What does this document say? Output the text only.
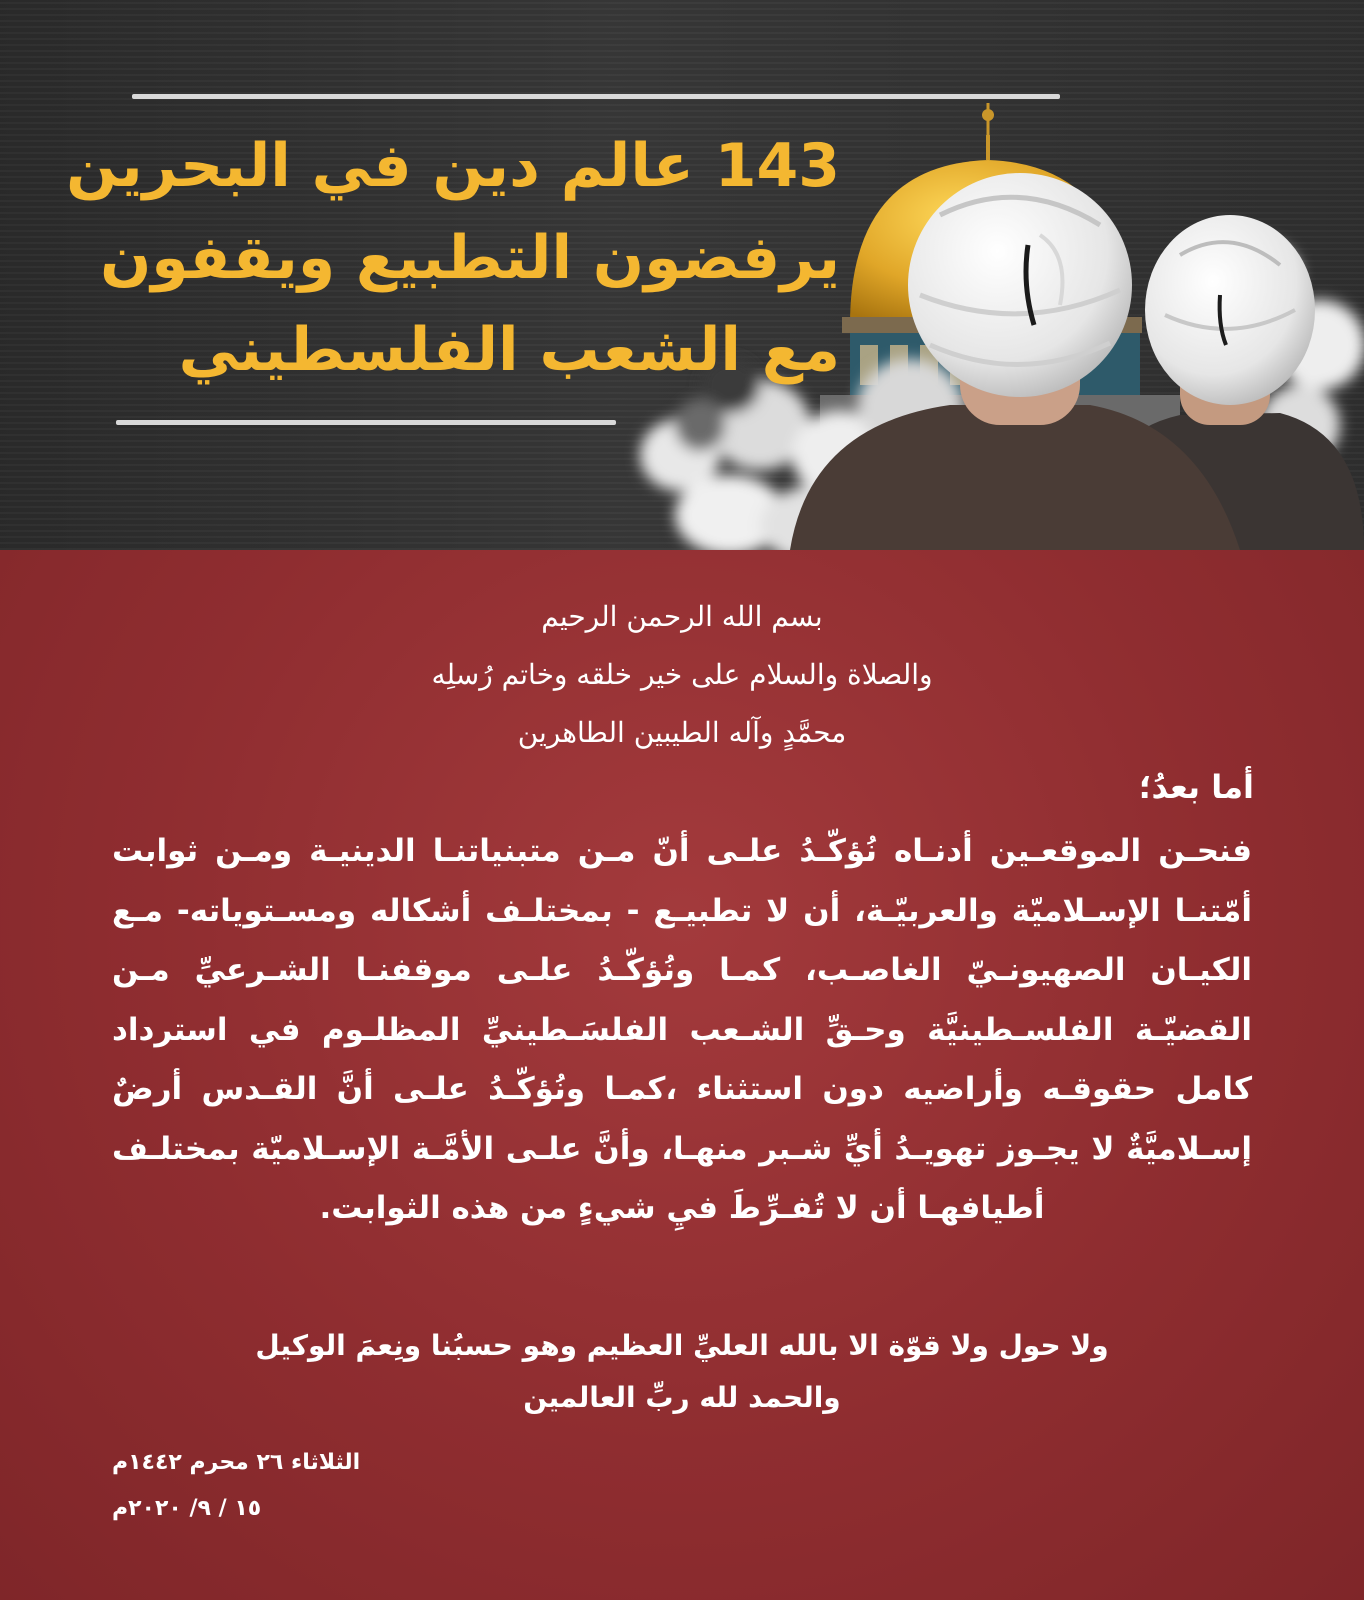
143 عالم دين في البحرين
يرفضون التطبيع ويقفون
مع الشعب الفلسطيني
بسم الله الرحمن الرحيم
والصلاة والسلام على خير خلقه وخاتم رُسلِه
محمَّدٍ وآله الطيبين الطاهرين
أما بعدُ؛
فنحـن الموقعـين أدنـاه نُؤكّـدُ علـى أنّ مـن متبنياتنـا الدينيـة ومـن ثوابت أمّتنـا الإسـلاميّة والعربيّـة، أن لا تطبيـع - بمختلـف أشكاله ومسـتوياته- مـع الكيـان الصهيونـيّ الغاصـب، كمـا ونُؤكّـدُ علـى موقفنـا الشـرعيِّ مـن القضيّـة الفلسـطينيَّة وحـقِّ الشـعب الفلسَـطينيِّ المظلـوم في استرداد كامل حقوقـه وأراضيه دون استثناء ،كمـا ونُؤكّـدُ علـى أنَّ القـدس أرضٌ إسـلاميَّةٌ لا يجـوز تهويـدُ أيِّ شـبر منهـا، وأنَّ علـى الأمَّـة الإسـلاميّة بمختلـف أطيافهـا أن لا تُفـرِّطَ فيِ شيءٍ من هذه الثوابت.
ولا حول ولا قوّة الا بالله العليِّ العظيم وهو حسبُنا ونِعمَ الوكيل
والحمد لله ربِّ العالمين
الثلاثاء ٢٦ محرم ١٤٤٢م
١٥ / ٩/ ٢٠٢٠م
